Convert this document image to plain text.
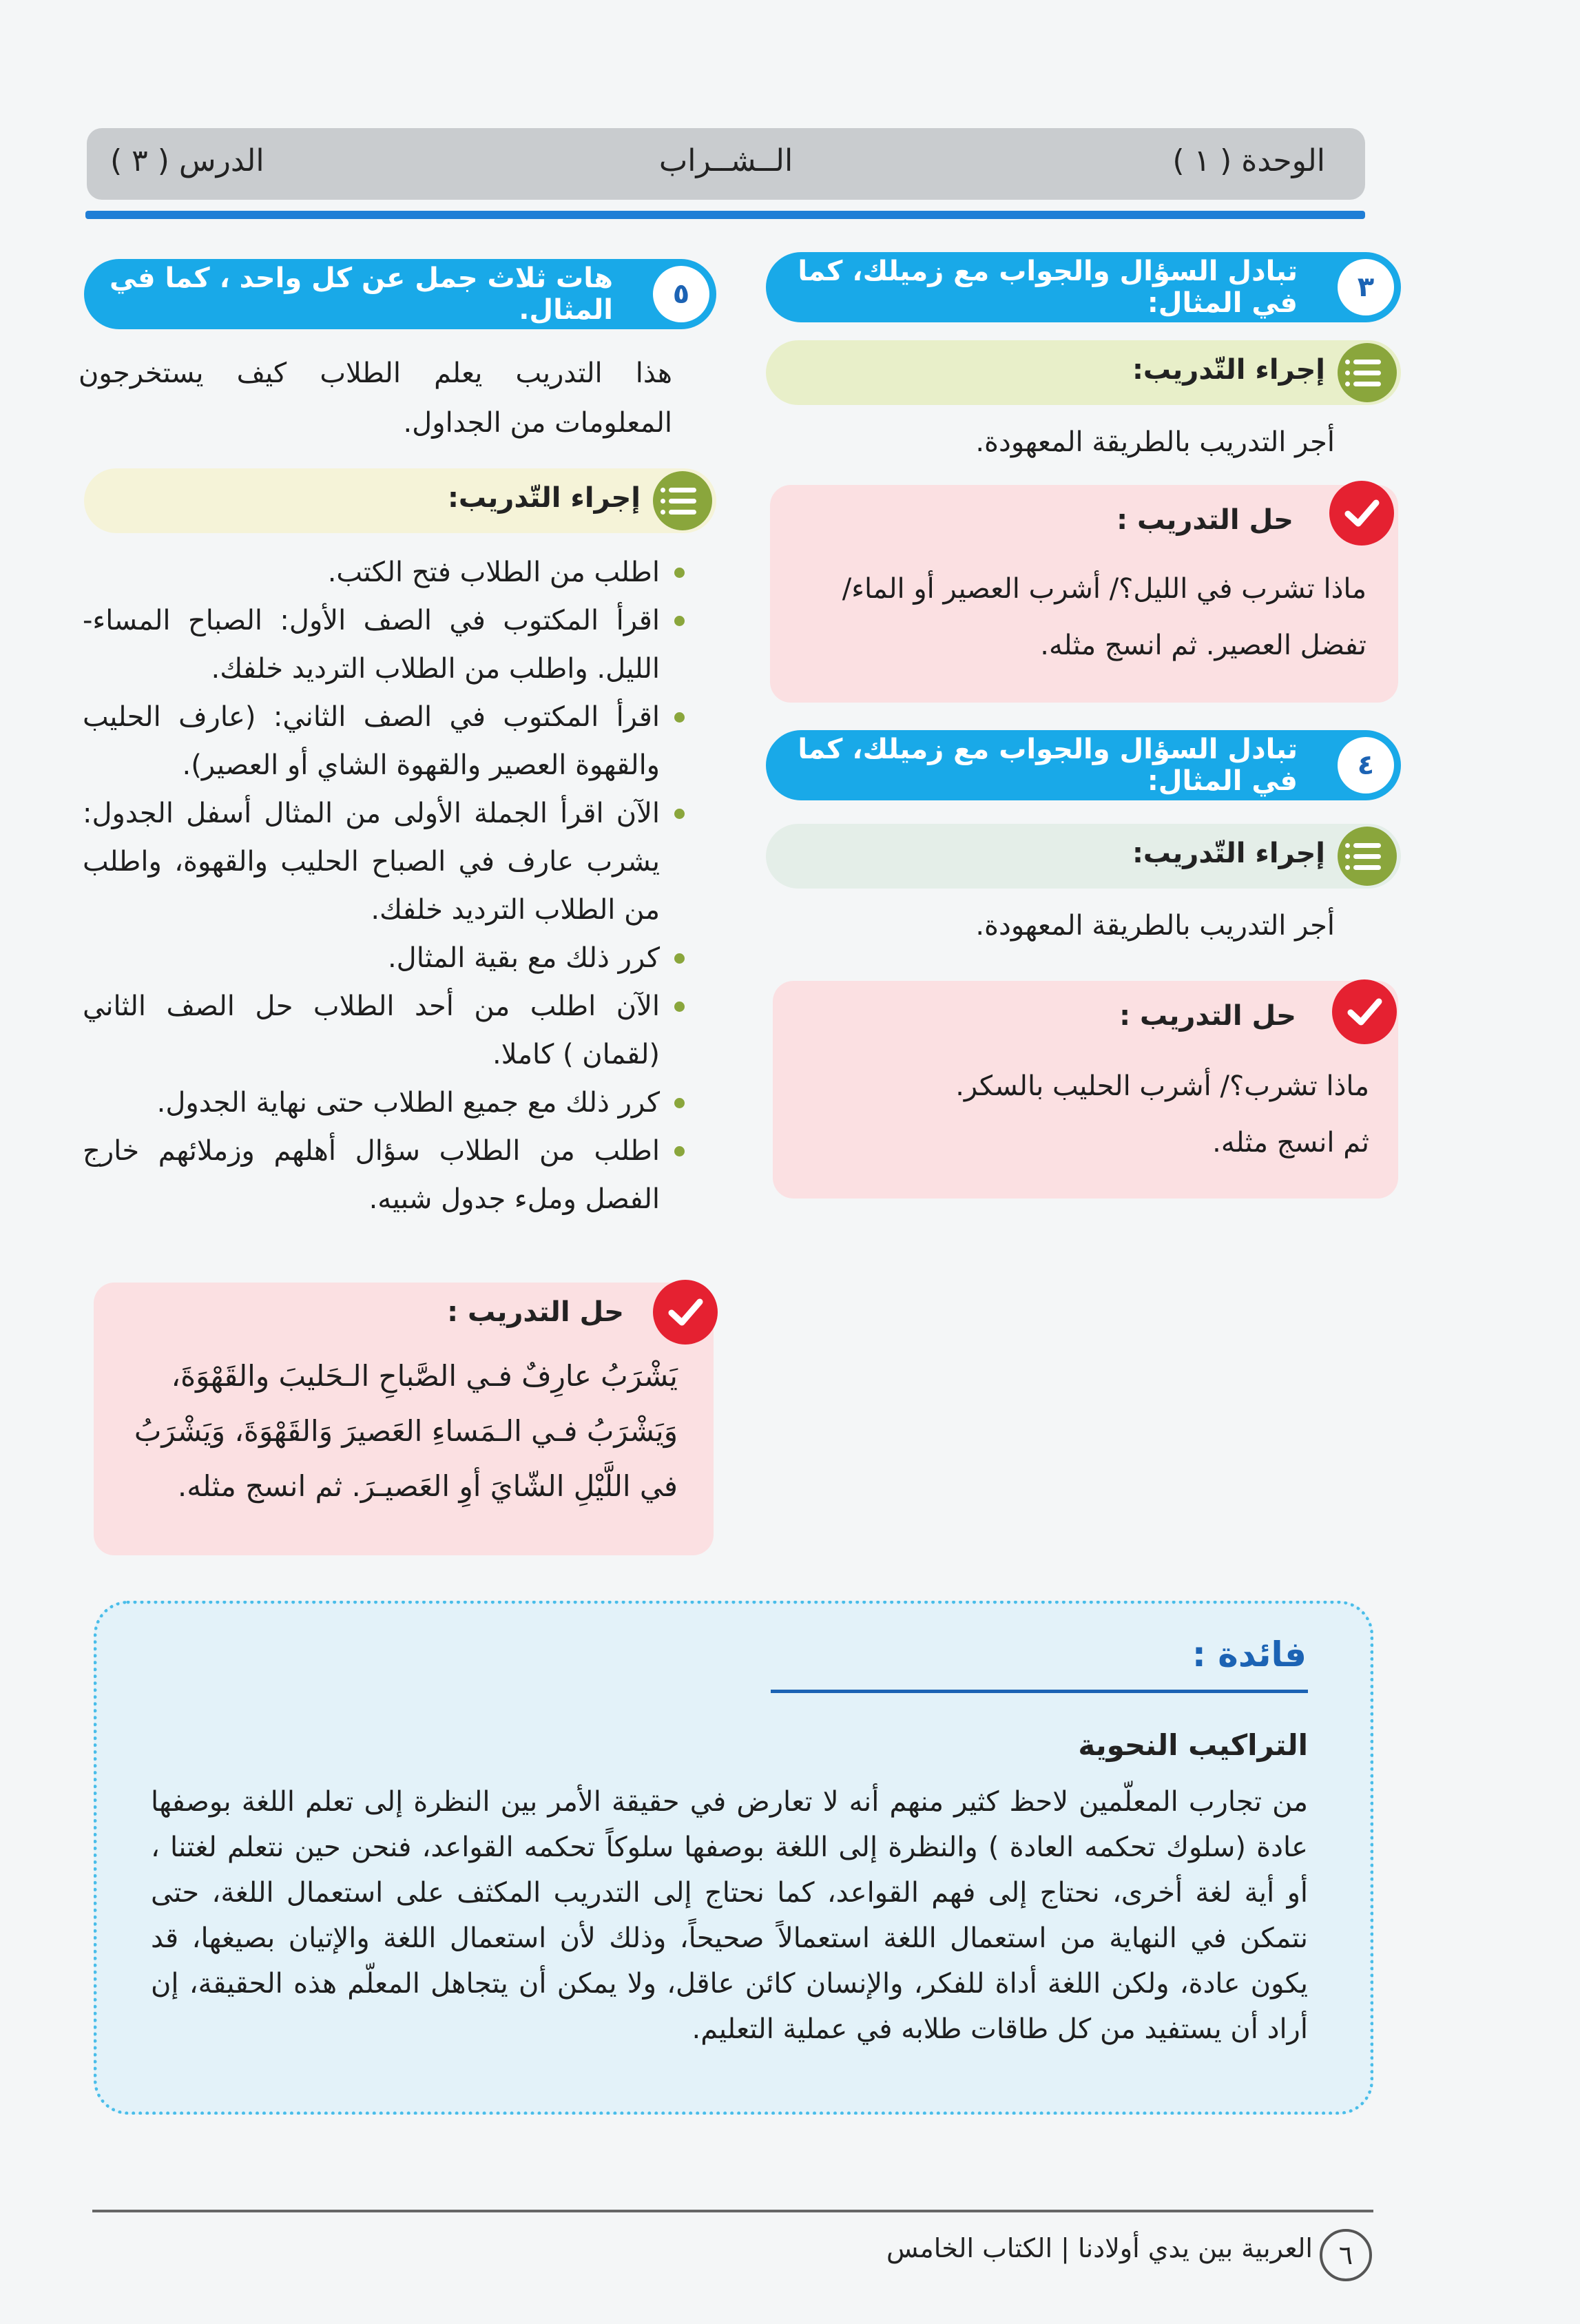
الوحدة ( ١ )
الــشــراب
الدرس ( ٣ )
٣
تبادل السؤال والجواب مع زميلك، كما في المثال:
إجراء التّدريب:
أجر التدريب بالطريقة المعهودة.
حل التدريب :
ماذا تشرب في الليل؟/ أشرب العصير أو الماء/
تفضل العصير. ثم انسج مثله.
٤
تبادل السؤال والجواب مع زميلك، كما في المثال:
إجراء التّدريب:
أجر التدريب بالطريقة المعهودة.
حل التدريب :
ماذا تشرب؟/ أشرب الحليب بالسكر.
ثم انسج مثله.
٥
هات ثلاث جمل عن كل واحد ، كما في المثال.
هذا التدريب يعلم الطلاب كيف يستخرجون المعلومات من الجداول.
إجراء التّدريب:
اطلب من الطلاب فتح الكتب.
اقرأ المكتوب في الصف الأول: الصباح المساء- الليل. واطلب من الطلاب الترديد خلفك.
اقرأ المكتوب في الصف الثاني: (عارف الحليب والقهوة العصير والقهوة الشاي أو العصير).
الآن اقرأ الجملة الأولى من المثال أسفل الجدول: يشرب عارف في الصباح الحليب والقهوة، واطلب من الطلاب الترديد خلفك.
كرر ذلك مع بقية المثال.
الآن اطلب من أحد الطلاب حل الصف الثاني (لقمان ) كاملا.
كرر ذلك مع جميع الطلاب حتى نهاية الجدول.
اطلب من الطلاب سؤال أهلهم وزملائهم خارج الفصل وملء جدول شبيه.
حل التدريب :
يَشْرَبُ عارِفٌ فـي الصَّباحِ الـحَليبَ والقَهْوَةَ،
وَيَشْرَبُ فـي الـمَساءِ العَصيرَ وَالقَهْوَةَ، وَيَشْرَبُ
في اللَّيْلِ الشّايَ أوِ العَصيـرَ. ثم انسج مثله.
فائدة :
التراكيب النحوية
من تجارب المعلّمين لاحظ كثير منهم أنه لا تعارض في حقيقة الأمر بين النظرة إلى تعلم اللغة بوصفها عادة (سلوك تحكمه العادة ) والنظرة إلى اللغة بوصفها سلوكاً تحكمه القواعد، فنحن حين نتعلم لغتنا ، أو أية لغة أخرى، نحتاج إلى فهم القواعد، كما نحتاج إلى التدريب المكثف على استعمال اللغة، حتى نتمكن في النهاية من استعمال اللغة استعمالاً صحيحاً، وذلك لأن استعمال اللغة والإتيان بصيغها، قد يكون عادة، ولكن اللغة أداة للفكر، والإنسان كائن عاقل، ولا يمكن أن يتجاهل المعلّم هذه الحقيقة، إن أراد أن يستفيد من كل طاقات طلابه في عملية التعليم.
٦
العربية بين يدي أولادنا | الكتاب الخامس
